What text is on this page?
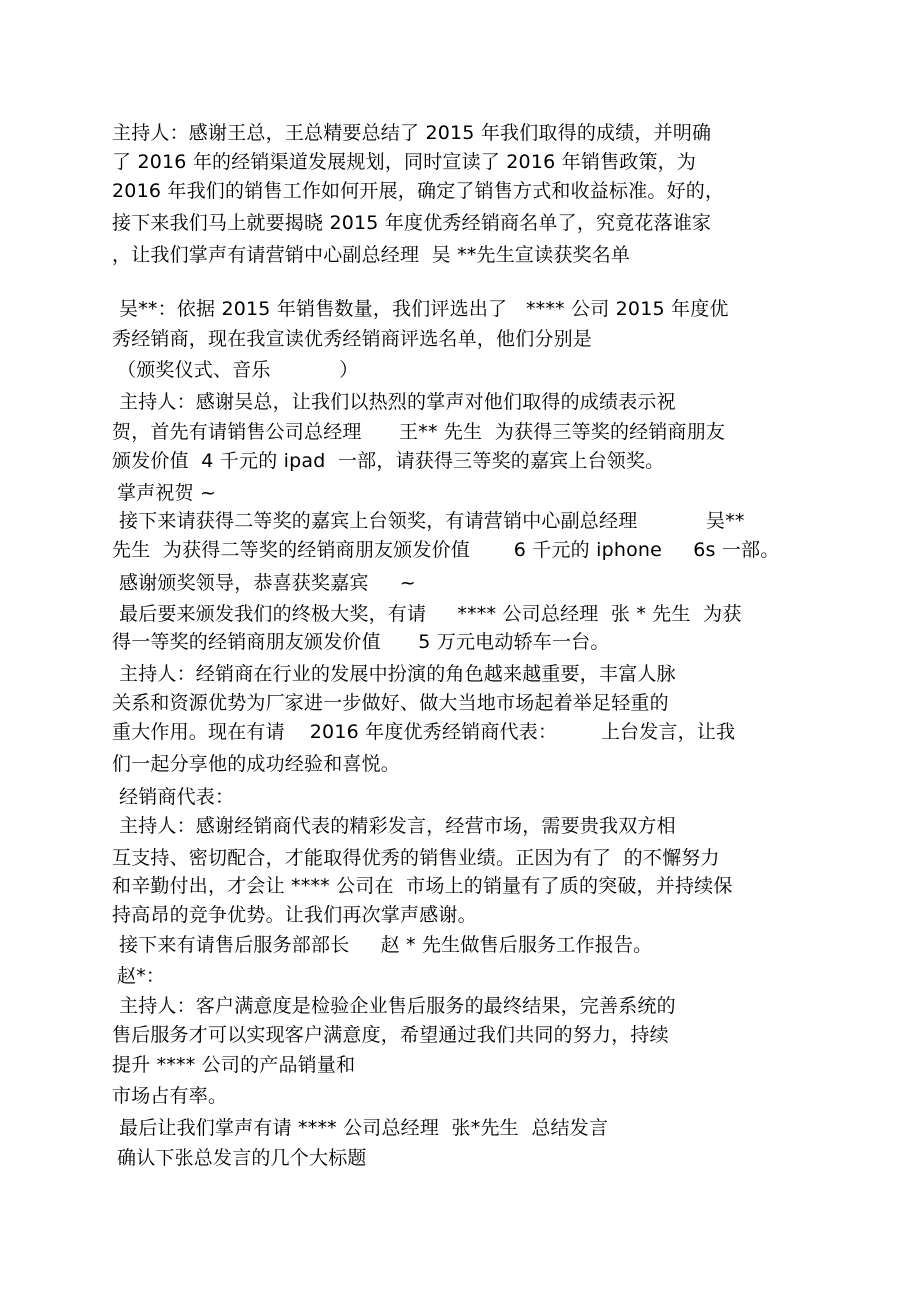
主持人：感谢王总，王总精要总结了 2015 年我们取得的成绩，并明确
了 2016 年的经销渠道发展规划，同时宣读了 2016 年销售政策，为
2016 年我们的销售工作如何开展，确定了销售方式和收益标准。好的，
接下来我们马上就要揭晓 2015 年度优秀经销商名单了，究竟花落谁家
，让我们掌声有请营销中心副总经理  吴 **先生宣读获奖名单
吴**：依据 2015 年销售数量，我们评选出了   **** 公司 2015 年度优
秀经销商，现在我宣读优秀经销商评选名单，他们分别是
（颁奖仪式、音乐           ）
主持人：感谢吴总，让我们以热烈的掌声对他们取得的成绩表示祝
贺，首先有请销售公司总经理      王** 先生  为获得三等奖的经销商朋友
颁发价值  4 千元的 ipad  一部，请获得三等奖的嘉宾上台领奖。
掌声祝贺 ~
接下来请获得二等奖的嘉宾上台领奖，有请营销中心副总经理           吴**
先生  为获得二等奖的经销商朋友颁发价值       6 千元的 iphone     6s 一部。
感谢颁奖领导，恭喜获奖嘉宾     ~
最后要来颁发我们的终极大奖，有请     **** 公司总经理  张 * 先生  为获
得一等奖的经销商朋友颁发价值      5 万元电动轿车一台。
主持人：经销商在行业的发展中扮演的角色越来越重要，丰富人脉
关系和资源优势为厂家进一步做好、做大当地市场起着举足轻重的
重大作用。现在有请    2016 年度优秀经销商代表：       上台发言，让我
们一起分享他的成功经验和喜悦。
经销商代表：
主持人：感谢经销商代表的精彩发言，经营市场，需要贵我双方相
互支持、密切配合，才能取得优秀的销售业绩。正因为有了  的不懈努力
和辛勤付出，才会让 **** 公司在  市场上的销量有了质的突破，并持续保
持高昂的竞争优势。让我们再次掌声感谢。
接下来有请售后服务部部长     赵 * 先生做售后服务工作报告。
赵*：
主持人：客户满意度是检验企业售后服务的最终结果，完善系统的
售后服务才可以实现客户满意度，希望通过我们共同的努力，持续
提升 **** 公司的产品销量和
市场占有率。
最后让我们掌声有请 **** 公司总经理  张*先生  总结发言
确认下张总发言的几个大标题
